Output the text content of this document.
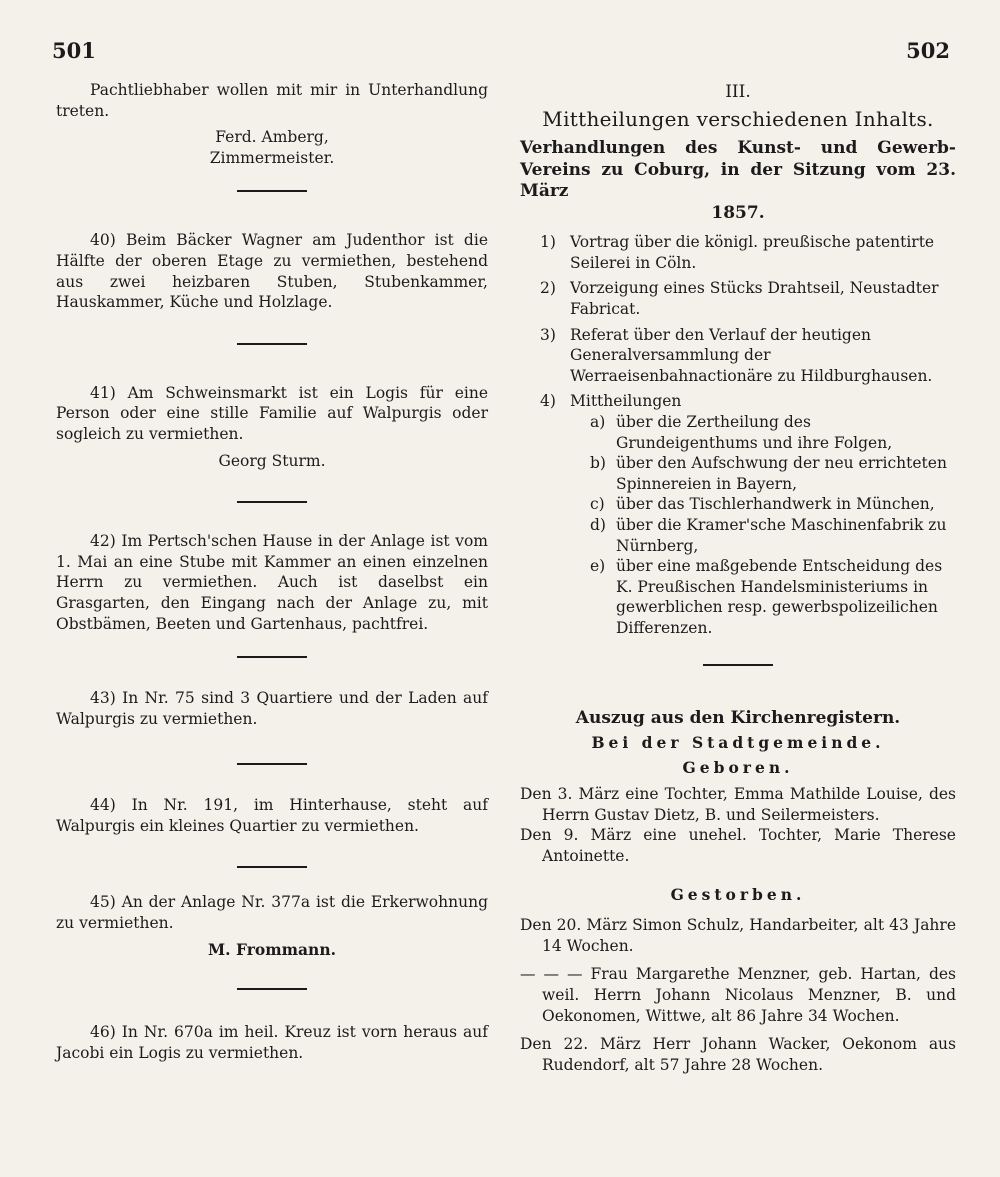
501	502

Pachtliebhaber wollen mit mir in Unterhandlung treten.

Ferd. Amberg,

Zimmermeister.

40) Beim Bäcker Wagner am Judenthor ist die Hälfte der oberen Etage zu vermiethen, bestehend aus zwei heizbaren Stuben, Stubenkammer, Hauskammer, Küche und Holzlage.

41) Am Schweinsmarkt ist ein Logis für eine Person oder eine stille Familie auf Walpurgis oder sogleich zu vermiethen.

Georg Sturm.

42) Im Pertsch'schen Hause in der Anlage ist vom 1. Mai an eine Stube mit Kammer an einen einzelnen Herrn zu vermiethen. Auch ist daselbst ein Grasgarten, den Eingang nach der Anlage zu, mit Obstbämen, Beeten und Gartenhaus, pachtfrei.

43) In Nr. 75 sind 3 Quartiere und der Laden auf Walpurgis zu vermiethen.

44) In Nr. 191, im Hinterhause, steht auf Walpurgis ein kleines Quartier zu vermiethen.

45) An der Anlage Nr. 377a ist die Erkerwohnung zu vermiethen.

M. Frommann.

46) In Nr. 670a im heil. Kreuz ist vorn heraus auf Jacobi ein Logis zu vermiethen.

III.

Mittheilungen verschiedenen Inhalts.

Verhandlungen des Kunst- und Gewerb-Vereins zu Coburg, in der Sitzung vom 23. März
1857.

1) Vortrag über die königl. preußische patentirte Seilerei in Cöln.
2) Vorzeigung eines Stücks Drahtseil, Neustadter Fabricat.
3) Referat über den Verlauf der heutigen Generalversammlung der Werraeisenbahnactionäre zu Hildburghausen.
4) Mittheilungen
a) über die Zertheilung des Grundeigenthums und ihre Folgen,
b) über den Aufschwung der neu errichteten Spinnereien in Bayern,
c) über das Tischlerhandwerk in München,
d) über die Kramer'sche Maschinenfabrik zu Nürnberg,
e) über eine maßgebende Entscheidung des K. Preußischen Handelsministeriums in gewerblichen resp. gewerbspolizeilichen Differenzen.

Auszug aus den Kirchenregistern.

Bei der Stadtgemeinde.

Geboren.

Den 3. März eine Tochter, Emma Mathilde Louise, des Herrn Gustav Dietz, B. und Seilermeisters.

Den 9. März eine unehel. Tochter, Marie Therese Antoinette.

Gestorben.

Den 20. März Simon Schulz, Handarbeiter, alt 43 Jahre 14 Wochen.

— — — Frau Margarethe Menzner, geb. Hartan, des weil. Herrn Johann Nicolaus Menzner, B. und Oekonomen, Wittwe, alt 86 Jahre 34 Wochen.

Den 22. März Herr Johann Wacker, Oekonom aus Rudendorf, alt 57 Jahre 28 Wochen.
